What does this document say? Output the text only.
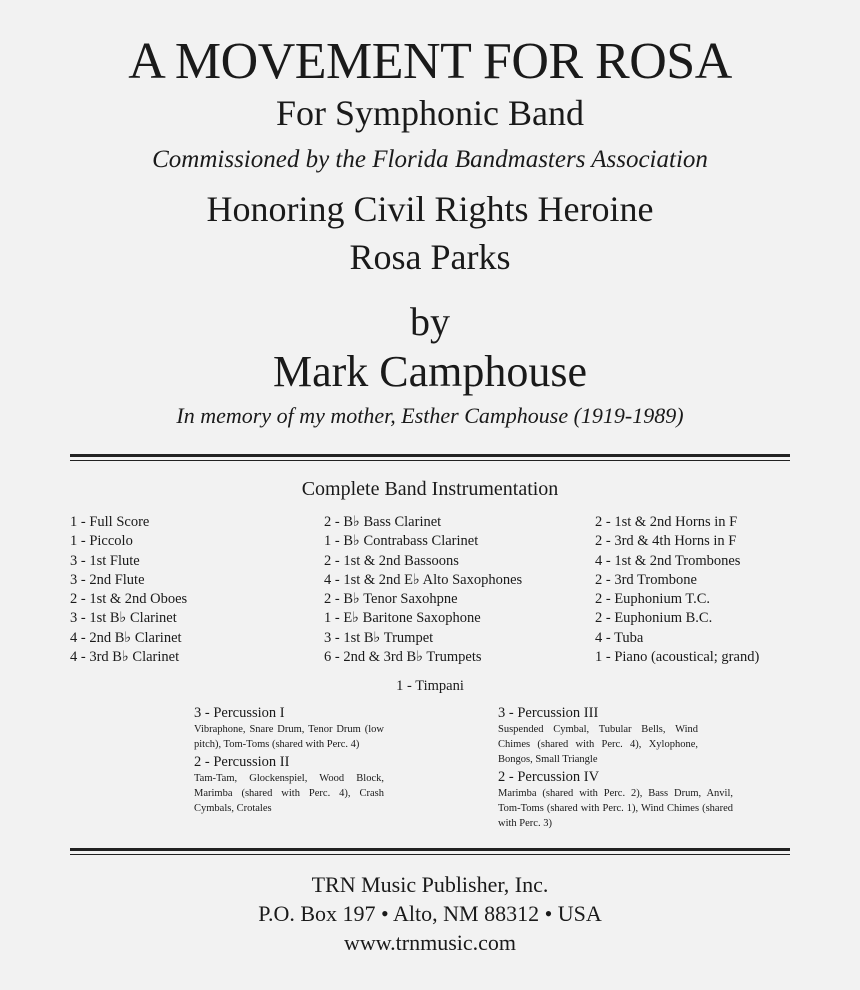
A MOVEMENT FOR ROSA
For Symphonic Band
Commissioned by the Florida Bandmasters Association
Honoring Civil Rights Heroine
Rosa Parks
by
Mark Camphouse
In memory of my mother, Esther Camphouse (1919-1989)
Complete Band Instrumentation
1 - Full Score
1 - Piccolo
3 - 1st Flute
3 - 2nd Flute
2 - 1st & 2nd Oboes
3 - 1st B♭ Clarinet
4 - 2nd B♭ Clarinet
4 - 3rd B♭ Clarinet
2 - B♭ Bass Clarinet
1 - B♭ Contrabass Clarinet
2 - 1st & 2nd Bassoons
4 - 1st & 2nd E♭ Alto Saxophones
2 - B♭ Tenor Saxohpne
1 - E♭ Baritone Saxophone
3 - 1st B♭ Trumpet
6 - 2nd & 3rd B♭ Trumpets
2 - 1st & 2nd Horns in F
2 - 3rd & 4th Horns in F
4 - 1st & 2nd Trombones
2 - 3rd Trombone
2 - Euphonium T.C.
2 - Euphonium B.C.
4 - Tuba
1 - Piano (acoustical; grand)
1 - Timpani
3 - Percussion I
Vibraphone, Snare Drum, Tenor Drum (low pitch), Tom-Toms (shared with Perc. 4)
2 - Percussion II
Tam-Tam, Glockenspiel, Wood Block, Marimba (shared with Perc. 4), Crash Cymbals, Crotales
3 - Percussion III
Suspended Cymbal, Tubular Bells, Wind Chimes (shared with Perc. 4), Xylophone, Bongos, Small Triangle
2 - Percussion IV
Marimba (shared with Perc. 2), Bass Drum, Anvil, Tom-Toms (shared with Perc. 1), Wind Chimes (shared with Perc. 3)
TRN Music Publisher, Inc.
P.O. Box 197 • Alto, NM 88312 • USA
www.trnmusic.com
